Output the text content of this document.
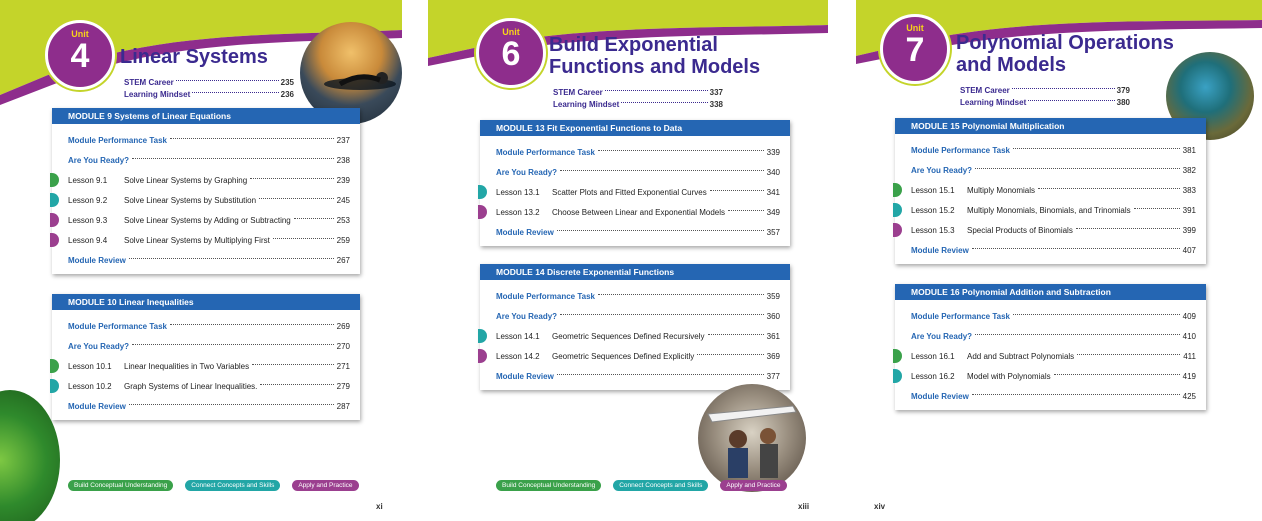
Unit
4	Linear Systems
STEM Career	235
Learning Mindset	236
MODULE 9 Systems of Linear Equations
Module Performance Task	237
Are You Ready?	238
Lesson 9.1	Solve Linear Systems by Graphing	239
Lesson 9.2	Solve Linear Systems by Substitution	245
Lesson 9.3	Solve Linear Systems by Adding or Subtracting	253
Lesson 9.4	Solve Linear Systems by Multiplying First	259
Module Review	267
MODULE 10 Linear Inequalities
Module Performance Task	269
Are You Ready?	270
Lesson 10.1	Linear Inequalities in Two Variables	271
Lesson 10.2	Graph Systems of Linear Inequalities.	279
Module Review	287
Build Conceptual Understanding	Connect Concepts and Skills	Apply and Practice
xi
Unit
6	Build Exponential
Functions and Models
STEM Career	337
Learning Mindset	338
MODULE 13 Fit Exponential Functions to Data
Module Performance Task	339
Are You Ready?	340
Lesson 13.1	Scatter Plots and Fitted Exponential Curves	341
Lesson 13.2	Choose Between Linear and Exponential Models	349
Module Review	357
MODULE 14 Discrete Exponential Functions
Module Performance Task	359
Are You Ready?	360
Lesson 14.1	Geometric Sequences Defined Recursively	361
Lesson 14.2	Geometric Sequences Defined Explicitly	369
Module Review	377
Build Conceptual Understanding	Connect Concepts and Skills	Apply and Practice
xiii
Unit
7	Polynomial Operations
and Models
STEM Career	379
Learning Mindset	380
MODULE 15 Polynomial Multiplication
Module Performance Task	381
Are You Ready?	382
Lesson 15.1	Multiply Monomials	383
Lesson 15.2	Multiply Monomials, Binomials, and Trinomials	391
Lesson 15.3	Special Products of Binomials	399
Module Review	407
MODULE 16 Polynomial Addition and Subtraction
Module Performance Task	409
Are You Ready?	410
Lesson 16.1	Add and Subtract Polynomials	411
Lesson 16.2	Model with Polynomials	419
Module Review	425
xiv
